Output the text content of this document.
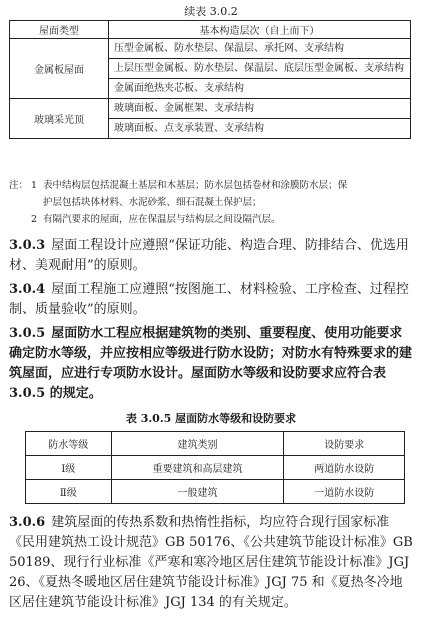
续表 3.0.2
屋面类型	基本构造层次（自上而下）
金属板屋面	压型金属板、防水垫层、保温层、承托网、支承结构
	上层压型金属板、防水垫层、保温层、底层压型金属板、支承结构
	金属面绝热夹芯板、支承结构
玻璃采光顶	玻璃面板、金属框架、支承结构
	玻璃面板、点支承装置、支承结构
注： 1 表中结构层包括混凝土基层和木基层；防水层包括卷材和涂膜防水层；保
护层包括块体材料、水泥砂浆、细石混凝土保护层；
2 有隔汽要求的屋面，应在保温层与结构层之间设隔汽层。
3.0.3 屋面工程设计应遵照“保证功能、构造合理、防排结合、优选用材、美观耐用”的原则。
3.0.4 屋面工程施工应遵照“按图施工、材料检验、工序检查、过程控制、质量验收”的原则。
3.0.5 屋面防水工程应根据建筑物的类别、重要程度、使用功能要求确定防水等级，并应按相应等级进行防水设防；对防水有特殊要求的建筑屋面，应进行专项防水设计。屋面防水等级和设防要求应符合表 3.0.5 的规定。
表 3.0.5 屋面防水等级和设防要求
防水等级	建筑类别	设防要求
Ⅰ级	重要建筑和高层建筑	两道防水设防
Ⅱ级	一般建筑	一道防水设防
3.0.6 建筑屋面的传热系数和热惰性指标，均应符合现行国家标准《民用建筑热工设计规范》GB 50176、《公共建筑节能设计标准》GB 50189、现行行业标准《严寒和寒冷地区居住建筑节能设计标准》JGJ 26、《夏热冬暖地区居住建筑节能设计标准》JGJ 75 和《夏热冬冷地区居住建筑节能设计标准》JGJ 134 的有关规定。
